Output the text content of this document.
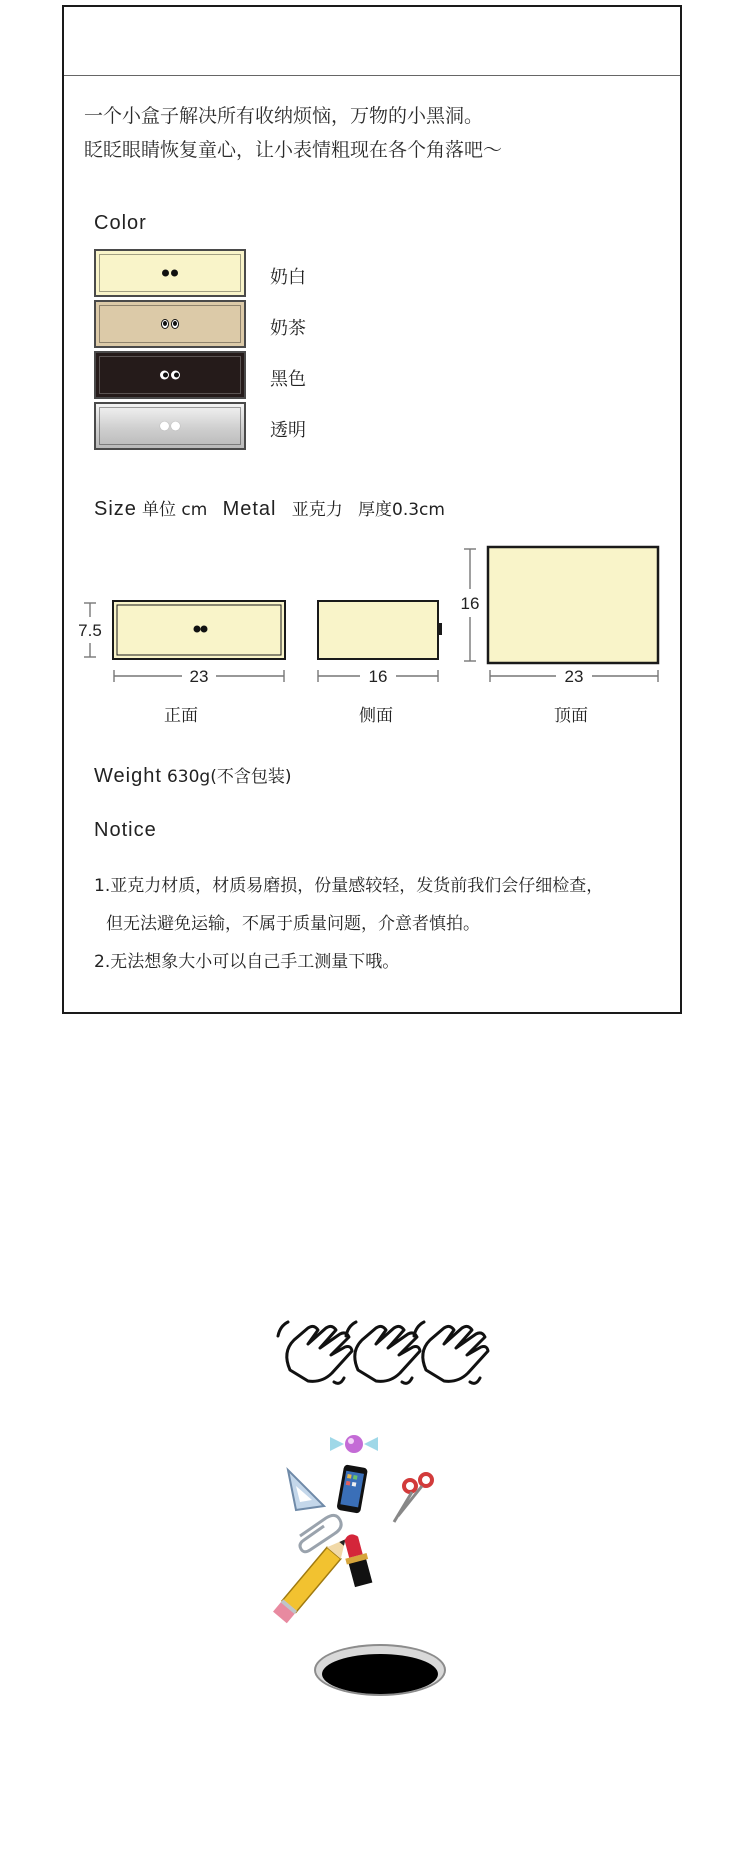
一个小盒子解决所有收纳烦恼，万物的小黑洞。
眨眨眼睛恢复童心，让小表情粗现在各个角落吧～
Color
奶白
奶茶
黑色
透明
Size 单位 cm Metal 亚克力 厚度0.3cm
7.5
23	16
16
23
正面	侧面	顶面
Weight 630g(不含包装)
Notice
1.亚克力材质，材质易磨损，份量感较轻，发货前我们会仔细检查，
但无法避免运输，不属于质量问题，介意者慎拍。
2.无法想象大小可以自己手工测量下哦。
